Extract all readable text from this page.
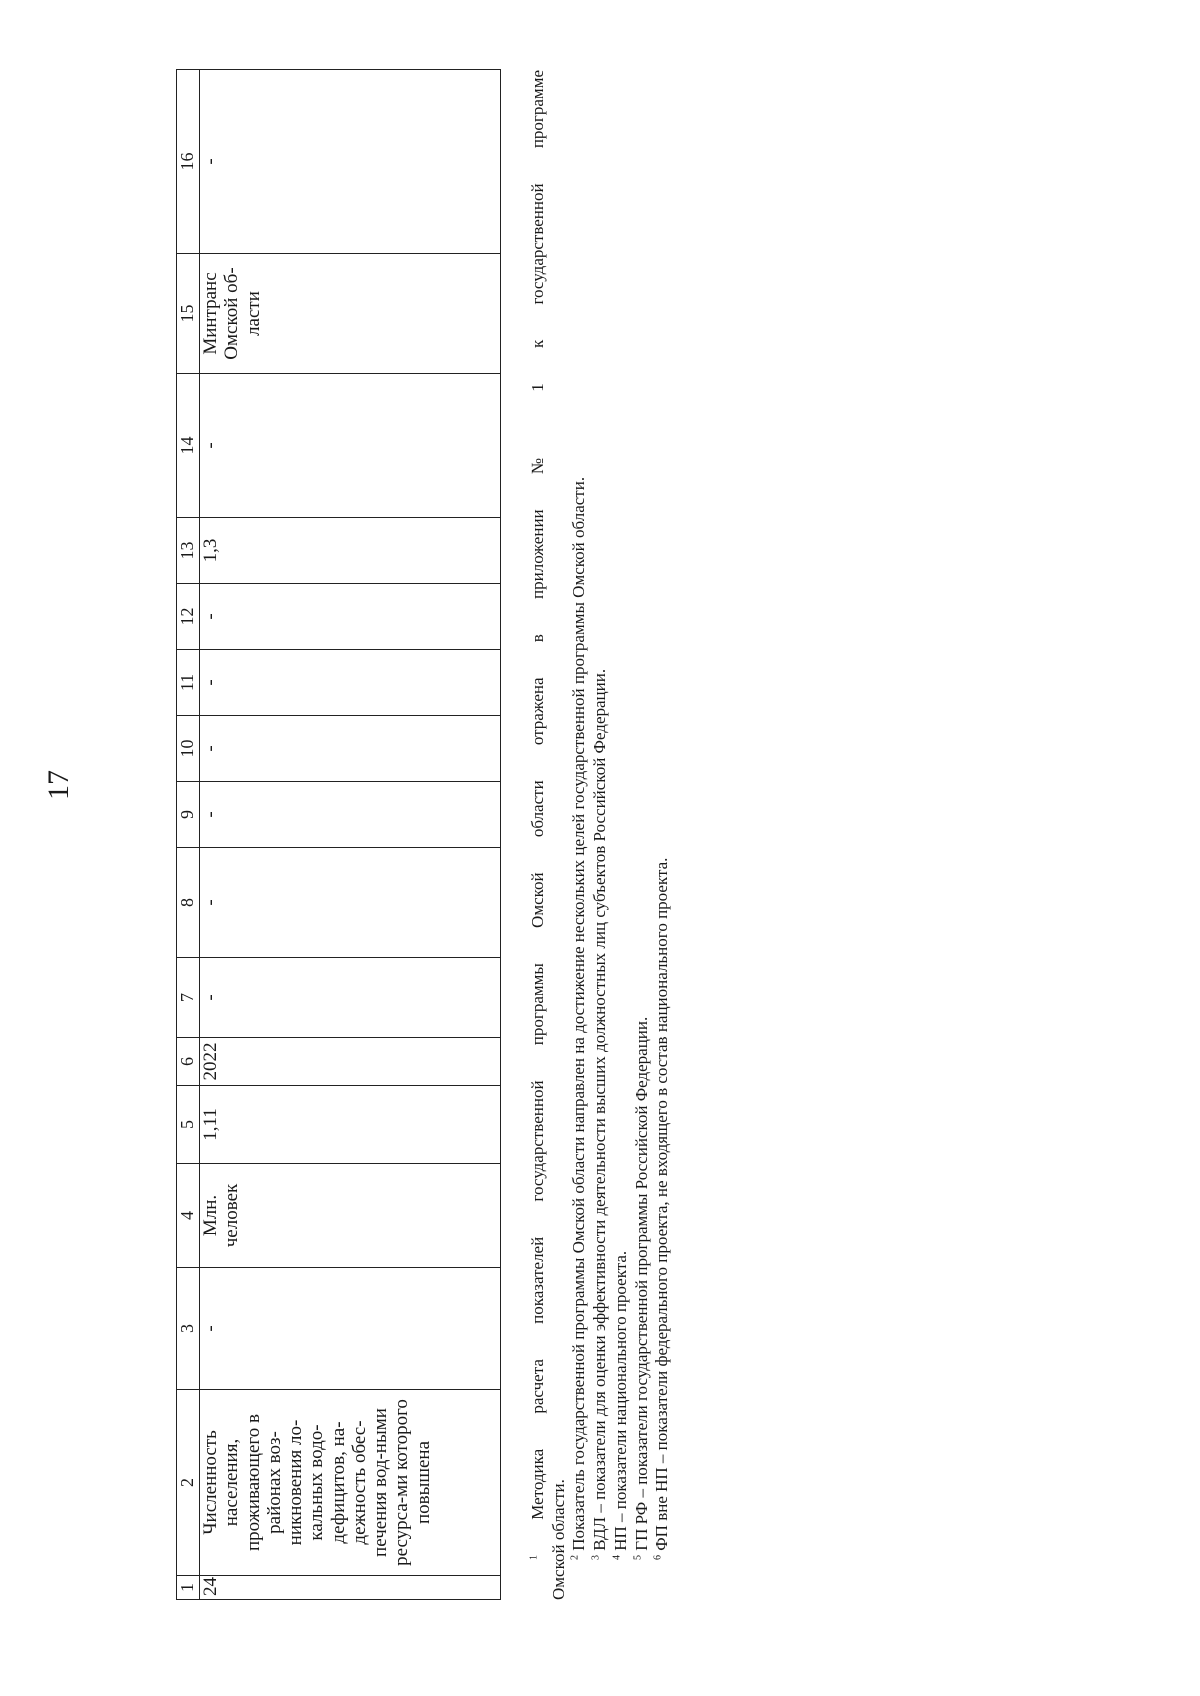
17
1	2	3	4	5	6	7	8	9	10	11	12	13	14	15	16
24	Численность населения, проживающего в районах воз-никновения ло-кальных водо-дефицитов, на-дежность обес-печения вод-ными ресурса-ми которого повышена	-	Млн. человек	1,11	2022	-	-	-	-	-	-	1,3	-	Минтранс Омской об-ласти	-

$^1$ Методика расчета показателей государственной программы Омской области отражена в приложении № 1 к государственной программе

Омской области. $^2$ Показатель государственной программы Омской области направлен на достижение нескольких целей государственной программы Омской области.

$^3$ ВДЛ – показатели для оценки эффективности деятельности высших должностных лиц субъектов Российской Федерации.

$^4$ НП – показатели национального проекта.

$^5$ ГП РФ – показатели государственной программы Российской Федерации.

$^6$ ФП вне НП – показатели федерального проекта, не входящего в состав национального проекта.
